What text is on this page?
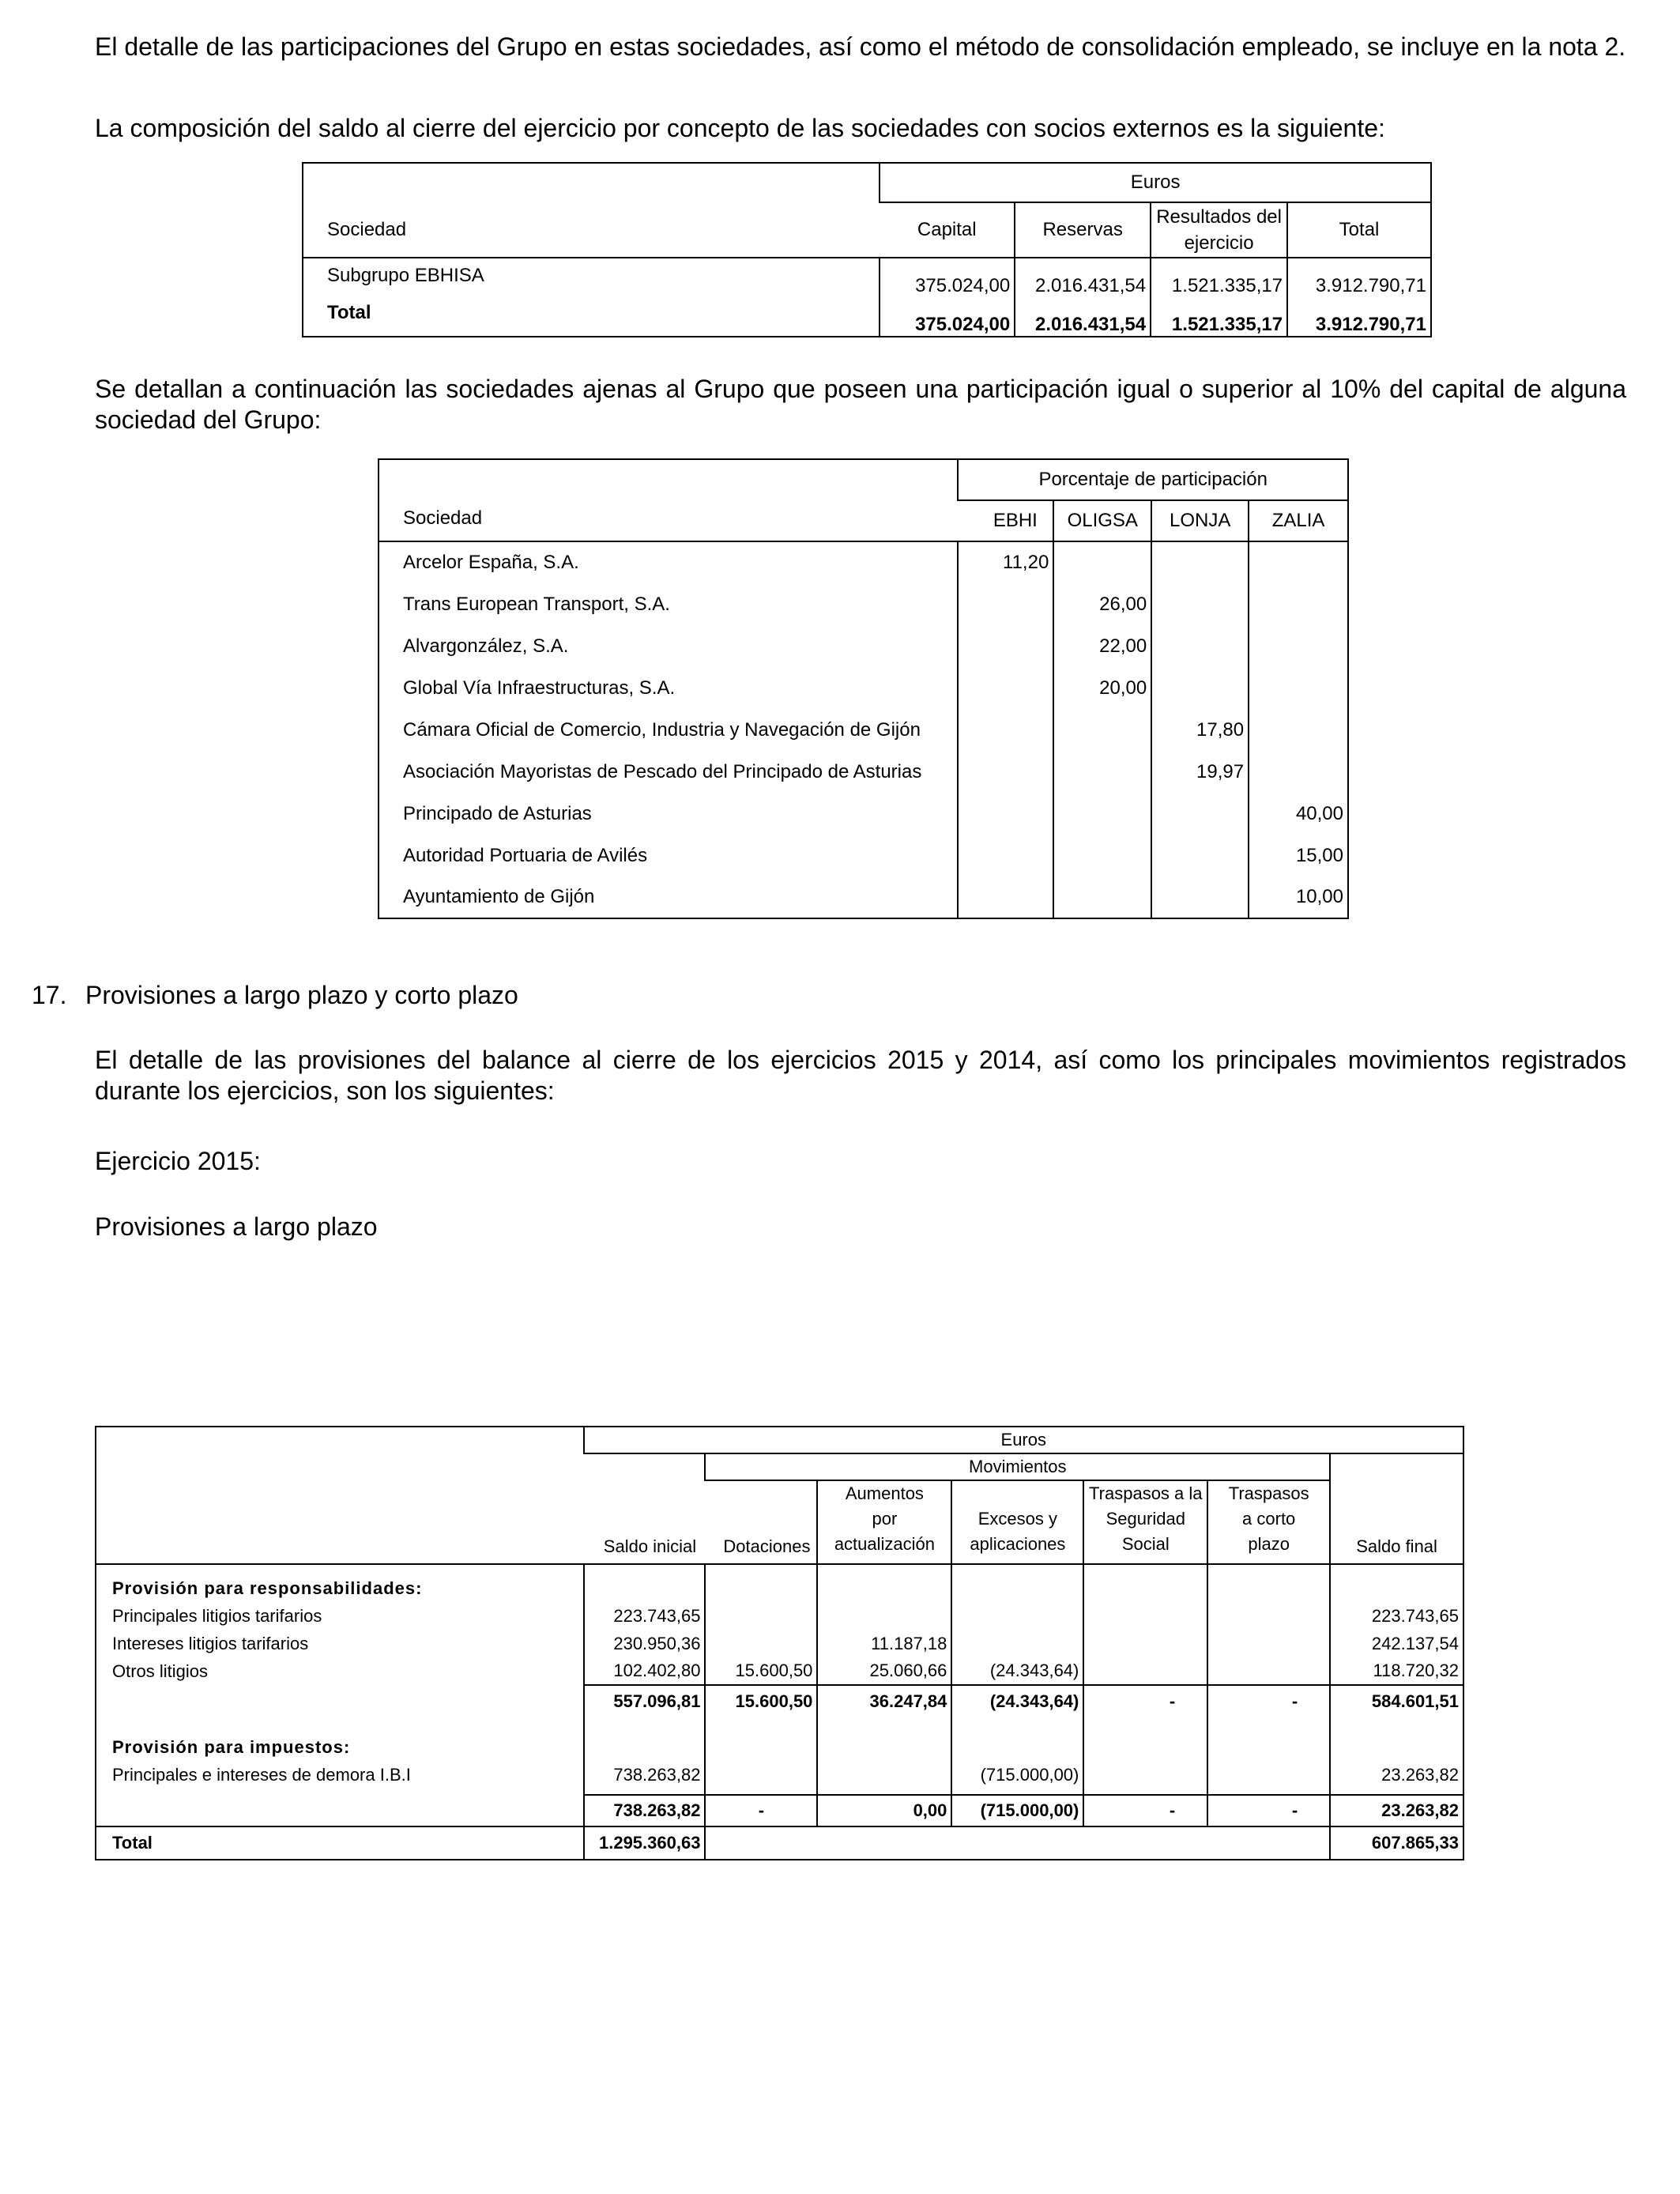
El detalle de las participaciones del Grupo en estas sociedades, así como el método de consolidación empleado, se incluye en la nota 2.

La composición del saldo al cierre del ejercicio por concepto de las sociedades con socios externos es la siguiente:

Sociedad	Euros			
	Capital	Reservas	Resultados del ejercicio	Total
Subgrupo EBHISA	375.024,00	2.016.431,54	1.521.335,17	3.912.790,71
Total	375.024,00	2.016.431,54	1.521.335,17	3.912.790,71

Se detallan a continuación las sociedades ajenas al Grupo que poseen una participación igual o superior al 10% del capital de alguna sociedad del Grupo:

Sociedad	Porcentaje de participación			
	EBHI	OLIGSA	LONJA	ZALIA
Arcelor España, S.A.	11,20			
Trans European Transport, S.A.		26,00		
Alvargonzález, S.A.		22,00		
Global Vía Infraestructuras, S.A.		20,00		
Cámara Oficial de Comercio, Industria y Navegación de Gijón			17,80	
Asociación Mayoristas de Pescado del Principado de Asturias			19,97	
Principado de Asturias				40,00
Autoridad Portuaria de Avilés				15,00
Ayuntamiento de Gijón				10,00

17. Provisiones a largo plazo y corto plazo

El detalle de las provisiones del balance al cierre de los ejercicios 2015 y 2014, así como los principales movimientos registrados durante los ejercicios, son los siguientes:

Ejercicio 2015:

Provisiones a largo plazo

	Euros						
	Saldo inicial	Movimientos					Saldo final
		Dotaciones	Aumentos por actualización	Excesos y aplicaciones	Traspasos a la Seguridad Social	Traspasos a corto plazo	

Provisión para responsabilidades:							
Principales litigios tarifarios	223.743,65						223.743,65
Intereses litigios tarifarios	230.950,36		11.187,18				242.137,54
Otros litigios	102.402,80	15.600,50	25.060,66	(24.343,64)			118.720,32
	557.096,81	15.600,50	36.247,84	(24.343,64)	-	-	584.601,51

Provisión para impuestos:							
Principales e intereses de demora I.B.I	738.263,82			(715.000,00)			23.263,82

	738.263,82	-	0,00	(715.000,00)	-	-	23.263,82
Total	1.295.360,63						607.865,33
